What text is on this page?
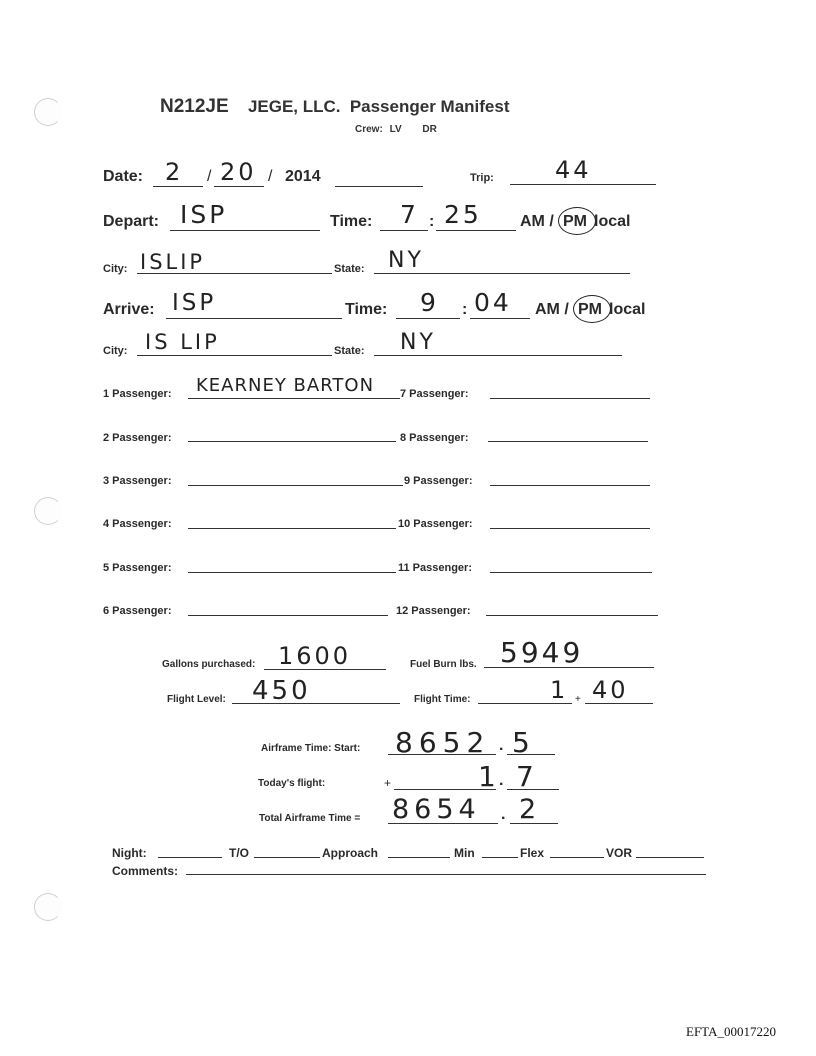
N212JE JEGE, LLC. Passenger Manifest
Crew: LV DR
Date: 2 / 20 / 2014	Trip:	44
Depart: ISP	Time: 7 : 25 AM / PM local
City: ISLIP	State: NY
Arrive: ISP	Time: 9 : 04 AM / PM local
City: IS LIP	State: NY
1 Passenger: KEARNEY BARTON 7 Passenger:
2 Passenger:	8 Passenger:
3 Passenger:	9 Passenger:
4 Passenger:	10 Passenger:
5 Passenger:	11 Passenger:
6 Passenger:	12 Passenger:
Gallons purchased: 1600	Fuel Burn lbs. 5949
Flight Level: 450	Flight Time:	1 + 40
Airframe Time: Start: 8652 . 5
Today's flight:	+	1 . 7
Total Airframe Time = 8654 . 2
Night:	T/O	Approach	Min	Flex	VOR
Comments:
EFTA_00017220
